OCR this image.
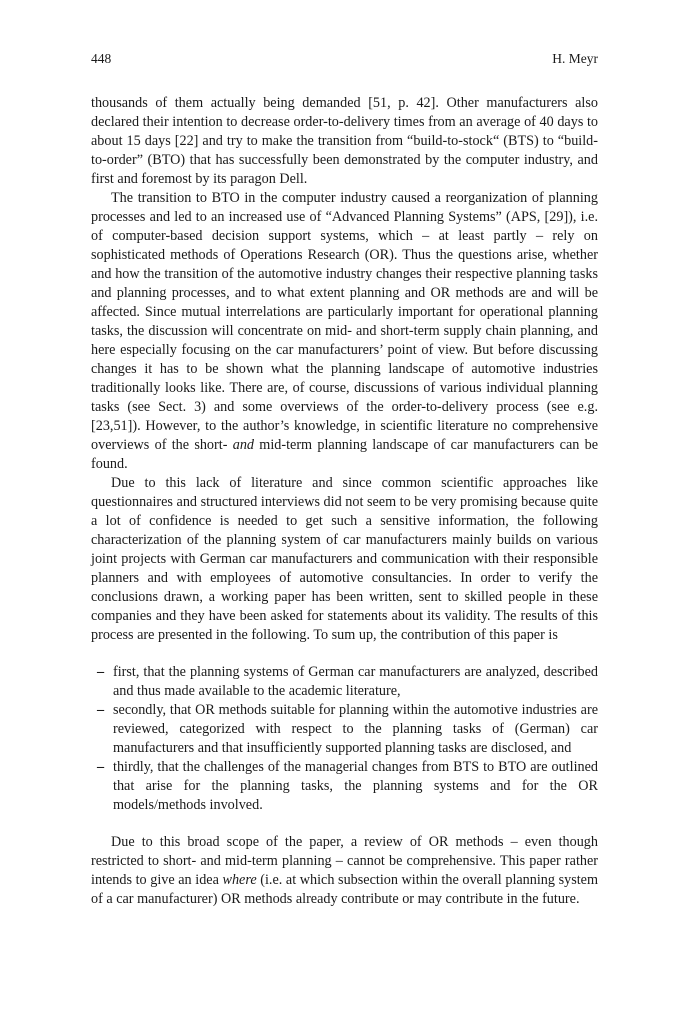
448	H. Meyr

thousands of them actually being demanded [51, p. 42]. Other manufacturers also declared their intention to decrease order-to-delivery times from an average of 40 days to about 15 days [22] and try to make the transition from “build-to-stock“ (BTS) to “build-to-order” (BTO) that has successfully been demonstrated by the computer industry, and first and foremost by its paragon Dell.

The transition to BTO in the computer industry caused a reorganization of planning processes and led to an increased use of “Advanced Planning Systems” (APS, [29]), i.e. of computer-based decision support systems, which – at least partly – rely on sophisticated methods of Operations Research (OR). Thus the questions arise, whether and how the transition of the automotive industry changes their respective planning tasks and planning processes, and to what extent planning and OR methods are and will be affected. Since mutual interrelations are particularly important for operational planning tasks, the discussion will concentrate on mid- and short-term supply chain planning, and here especially focusing on the car manufacturers’ point of view. But before discussing changes it has to be shown what the planning landscape of automotive industries traditionally looks like. There are, of course, discussions of various individual planning tasks (see Sect. 3) and some overviews of the order-to-delivery process (see e.g. [23,51]). However, to the author’s knowledge, in scientific literature no comprehensive overviews of the short- and mid-term planning landscape of car manufacturers can be found.

Due to this lack of literature and since common scientific approaches like questionnaires and structured interviews did not seem to be very promising because quite a lot of confidence is needed to get such a sensitive information, the following characterization of the planning system of car manufacturers mainly builds on various joint projects with German car manufacturers and communication with their responsible planners and with employees of automotive consultancies. In order to verify the conclusions drawn, a working paper has been written, sent to skilled people in these companies and they have been asked for statements about its validity. The results of this process are presented in the following. To sum up, the contribution of this paper is

– first, that the planning systems of German car manufacturers are analyzed, described and thus made available to the academic literature,
– secondly, that OR methods suitable for planning within the automotive industries are reviewed, categorized with respect to the planning tasks of (German) car manufacturers and that insufficiently supported planning tasks are disclosed, and
– thirdly, that the challenges of the managerial changes from BTS to BTO are outlined that arise for the planning tasks, the planning systems and for the OR models/methods involved.

Due to this broad scope of the paper, a review of OR methods – even though restricted to short- and mid-term planning – cannot be comprehensive. This paper rather intends to give an idea where (i.e. at which subsection within the overall planning system of a car manufacturer) OR methods already contribute or may contribute in the future.
